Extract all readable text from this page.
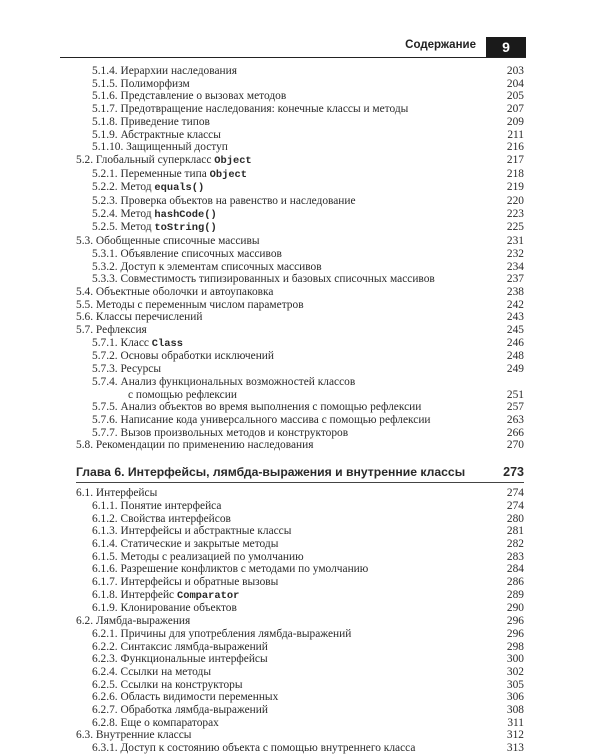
Содержание	9
5.1.4. Иерархии наследования	203
5.1.5. Полиморфизм	204
5.1.6. Представление о вызовах методов	205
5.1.7. Предотвращение наследования: конечные классы и методы	207
5.1.8. Приведение типов	209
5.1.9. Абстрактные классы	211
5.1.10. Защищенный доступ	216
5.2. Глобальный суперкласс Object	217
5.2.1. Переменные типа Object	218
5.2.2. Метод equals()	219
5.2.3. Проверка объектов на равенство и наследование	220
5.2.4. Метод hashCode()	223
5.2.5. Метод toString()	225
5.3. Обобщенные списочные массивы	231
5.3.1. Объявление списочных массивов	232
5.3.2. Доступ к элементам списочных массивов	234
5.3.3. Совместимость типизированных и базовых списочных массивов	237
5.4. Объектные оболочки и автоупаковка	238
5.5. Методы с переменным числом параметров	242
5.6. Классы перечислений	243
5.7. Рефлексия	245
5.7.1. Класс Class	246
5.7.2. Основы обработки исключений	248
5.7.3. Ресурсы	249
5.7.4. Анализ функциональных возможностей классов
с помощью рефлексии	251
5.7.5. Анализ объектов во время выполнения с помощью рефлексии	257
5.7.6. Написание кода универсального массива с помощью рефлексии	263
5.7.7. Вызов произвольных методов и конструкторов	266
5.8. Рекомендации по применению наследования	270
Глава 6. Интерфейсы, лямбда-выражения и внутренние классы	273
6.1. Интерфейсы	274
6.1.1. Понятие интерфейса	274
6.1.2. Свойства интерфейсов	280
6.1.3. Интерфейсы и абстрактные классы	281
6.1.4. Статические и закрытые методы	282
6.1.5. Методы с реализацией по умолчанию	283
6.1.6. Разрешение конфликтов с методами по умолчанию	284
6.1.7. Интерфейсы и обратные вызовы	286
6.1.8. Интерфейс Comparator	289
6.1.9. Клонирование объектов	290
6.2. Лямбда-выражения	296
6.2.1. Причины для употребления лямбда-выражений	296
6.2.2. Синтаксис лямбда-выражений	298
6.2.3. Функциональные интерфейсы	300
6.2.4. Ссылки на методы	302
6.2.5. Ссылки на конструкторы	305
6.2.6. Область видимости переменных	306
6.2.7. Обработка лямбда-выражений	308
6.2.8. Еще о компараторах	311
6.3. Внутренние классы	312
6.3.1. Доступ к состоянию объекта с помощью внутреннего класса	313
